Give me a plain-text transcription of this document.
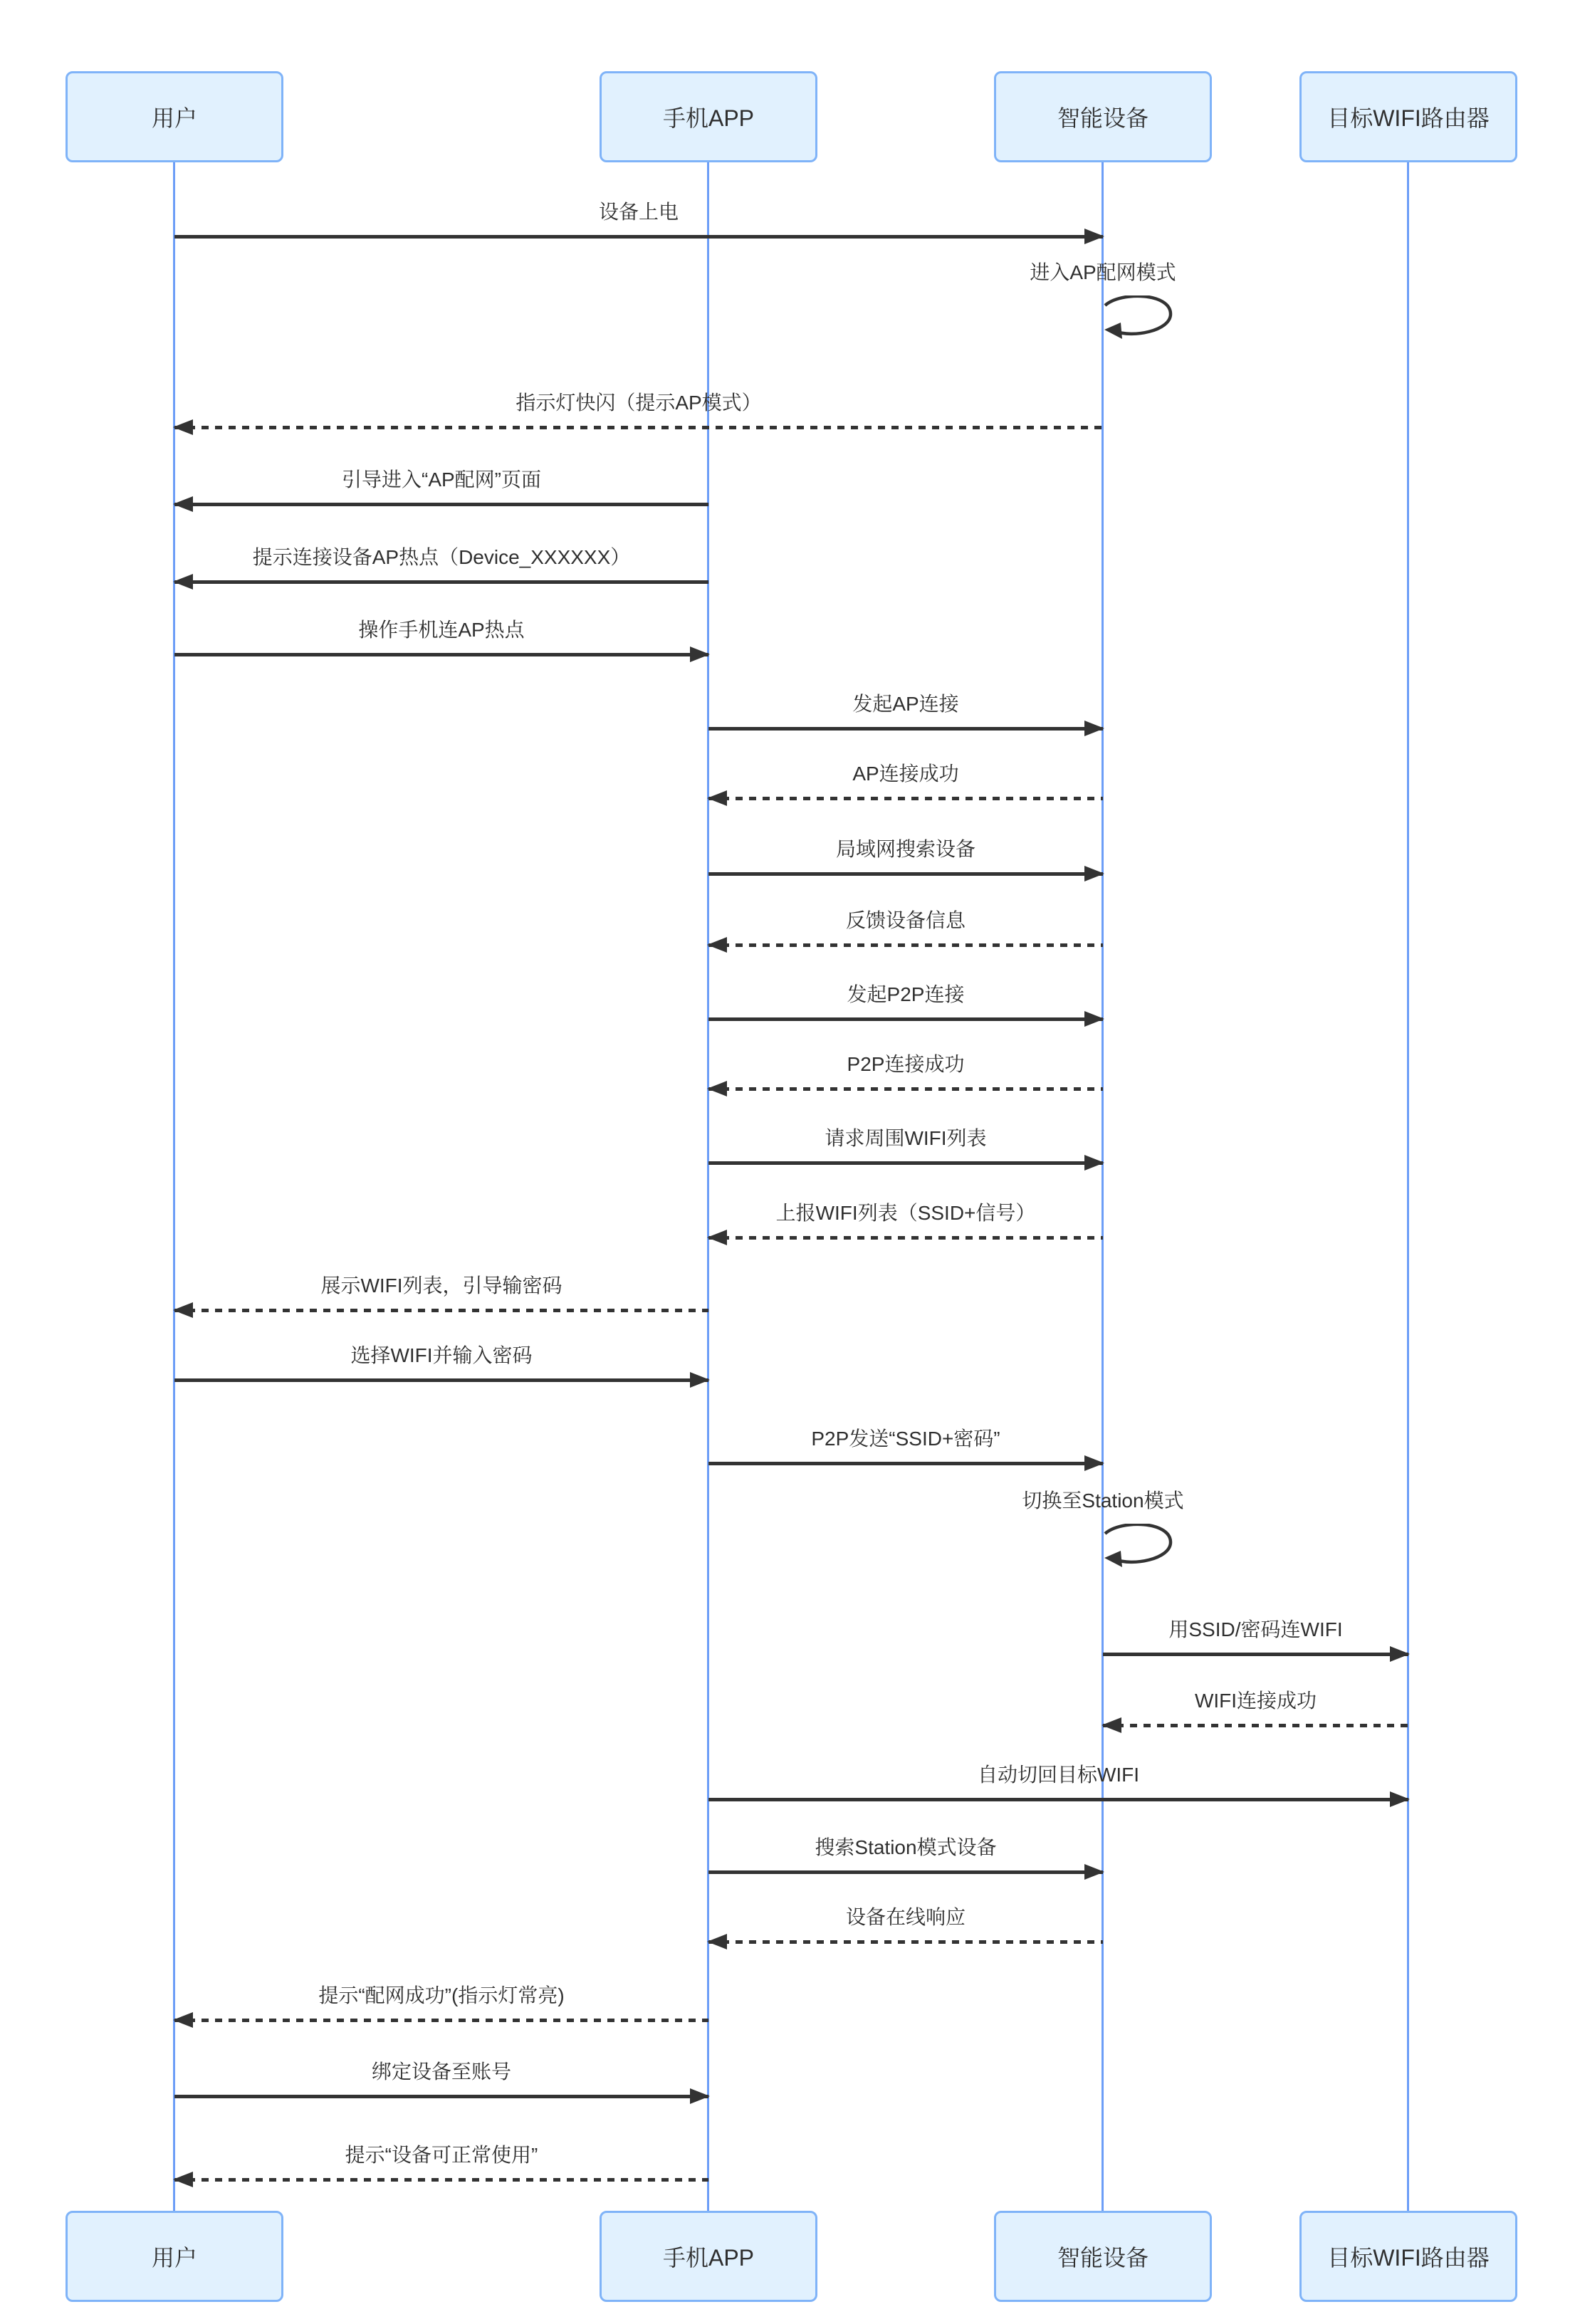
用户	手机APP	智能设备	目标WIFI路由器
设备上电
进入AP配网模式
指示灯快闪（提示AP模式）
引导进入“AP配网”页面
提示连接设备AP热点（Device_XXXXXX）
操作手机连AP热点
发起AP连接
AP连接成功
局域网搜索设备
反馈设备信息
发起P2P连接
P2P连接成功
请求周围WIFI列表
上报WIFI列表（SSID+信号）
展示WIFI列表，引导输密码
选择WIFI并输入密码
P2P发送“SSID+密码”
切换至Station模式
用SSID/密码连WIFI
WIFI连接成功
自动切回目标WIFI
搜索Station模式设备
设备在线响应
提示“配网成功”(指示灯常亮)
绑定设备至账号
提示“设备可正常使用”
用户	手机APP	智能设备	目标WIFI路由器
